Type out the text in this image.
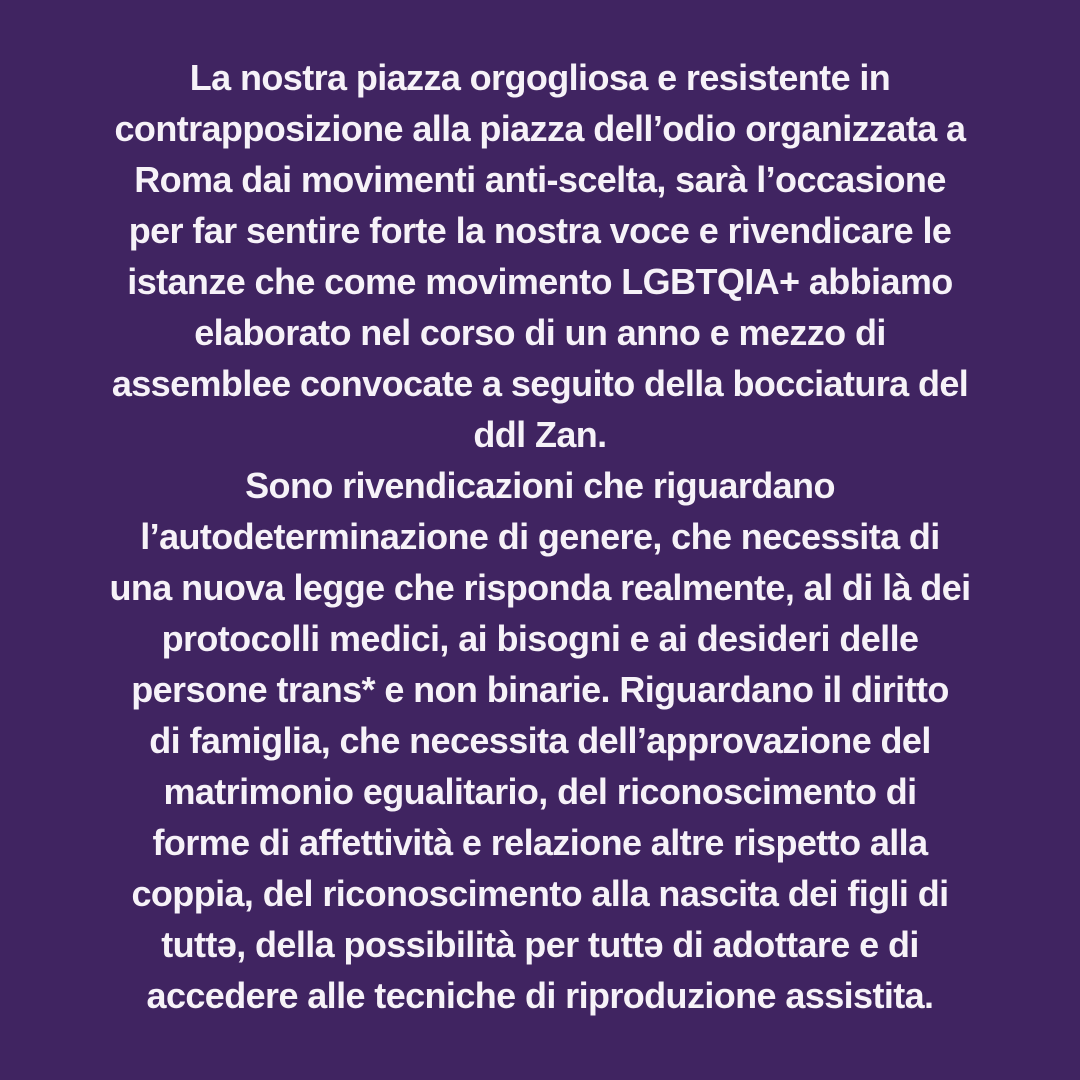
La nostra piazza orgogliosa e resistente in
contrapposizione alla piazza dell’odio organizzata a
Roma dai movimenti anti-scelta, sarà l’occasione
per far sentire forte la nostra voce e rivendicare le
istanze che come movimento LGBTQIA+ abbiamo
elaborato nel corso di un anno e mezzo di
assemblee convocate a seguito della bocciatura del
ddl Zan.

Sono rivendicazioni che riguardano
l’autodeterminazione di genere, che necessita di
una nuova legge che risponda realmente, al di là dei
protocolli medici, ai bisogni e ai desideri delle
persone trans* e non binarie. Riguardano il diritto
di famiglia, che necessita dell’approvazione del
matrimonio egualitario, del riconoscimento di
forme di affettività e relazione altre rispetto alla
coppia, del riconoscimento alla nascita dei figli di
tuttə, della possibilità per tuttə di adottare e di
accedere alle tecniche di riproduzione assistita.
